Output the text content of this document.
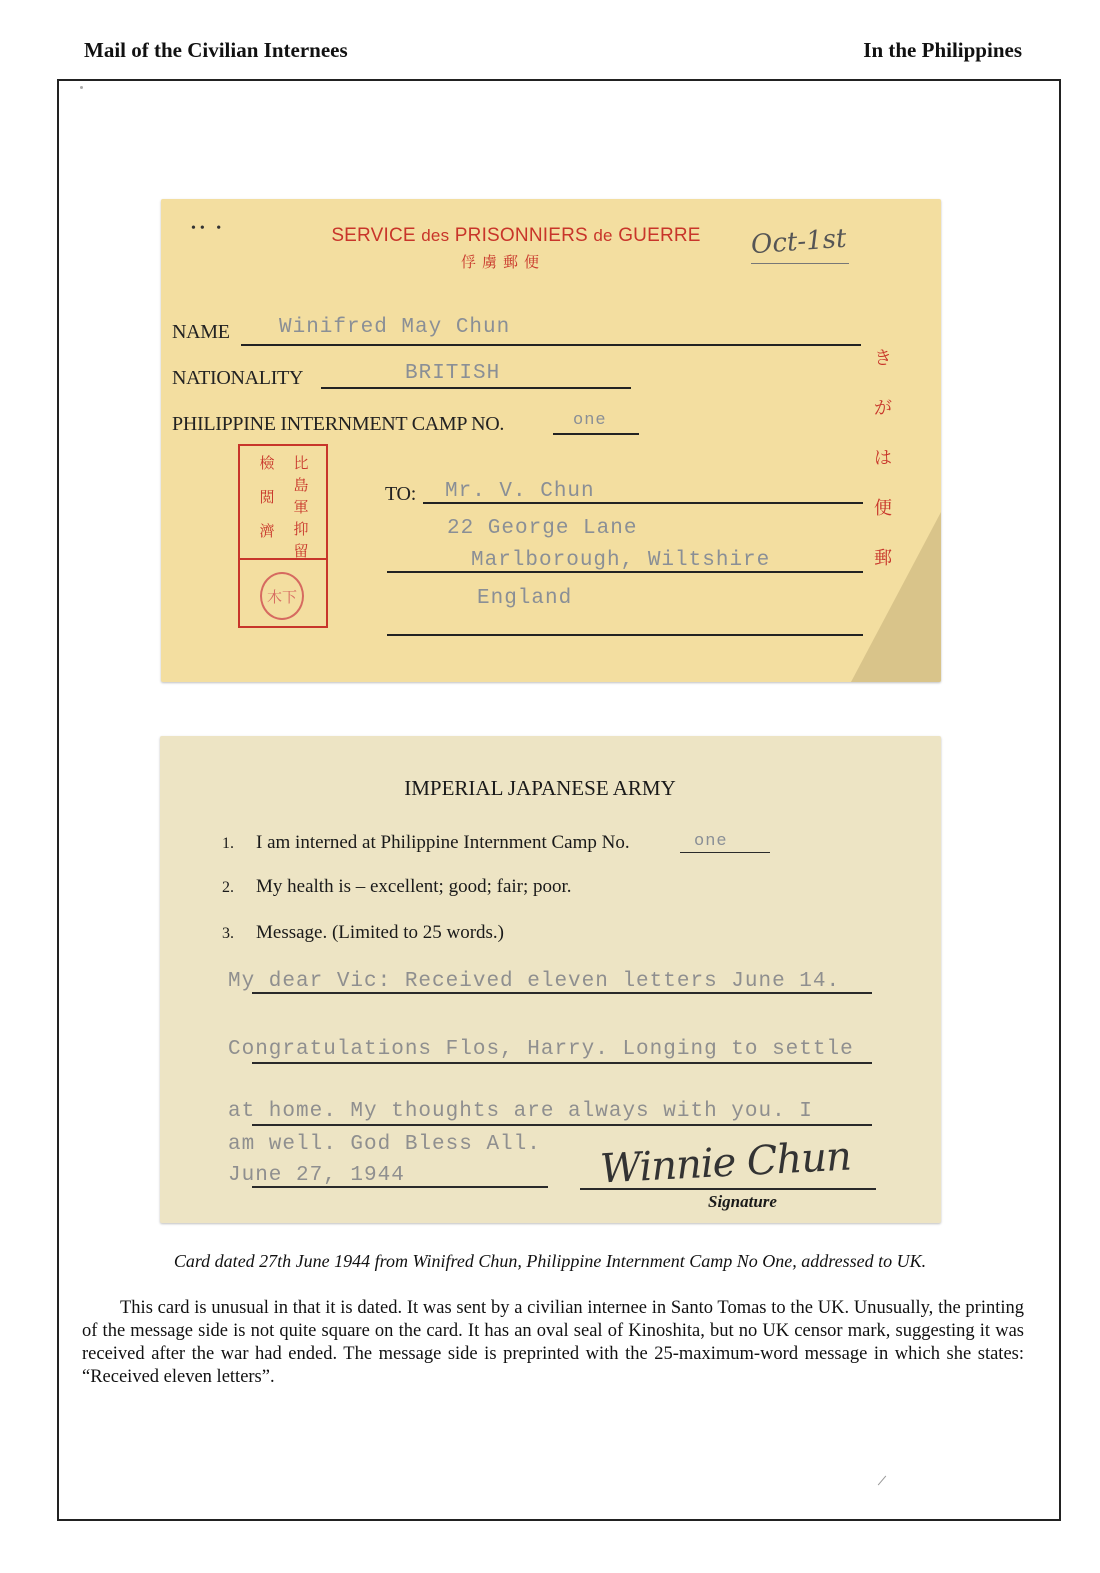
Mail of the Civilian Internees	In the Philippines
•• •	SERVICE des PRISONNIERS de GUERRE
俘虜郵便
Oct-1st
NAME Winifred May Chun
NATIONALITY	BRITISH
PHILIPPINE INTERNMENT CAMP NO.	one
比
島
軍
抑
留
檢
閲
濟
木下
TO: Mr. V. Chun
22 George Lane
Marlborough, Wiltshire
England
き
が
は
便
郵
IMPERIAL JAPANESE ARMY
1. I am interned at Philippine Internment Camp No.	one
2. My health is – excellent; good; fair; poor.
3. Message. (Limited to 25 words.)
My dear Vic: Received eleven letters June 14.
Congratulations Flos, Harry. Longing to settle
at home. My thoughts are always with you. I
am well. God Bless All.
June 27, 1944	Winnie Chun
Signature
Card dated 27th June 1944 from Winifred Chun, Philippine Internment Camp No One, addressed to UK.

This card is unusual in that it is dated. It was sent by a civilian internee in Santo Tomas to the UK. Unusually, the printing of the message side is not quite square on the card. It has an oval seal of Kinoshita, but no UK censor mark, suggesting it was received after the war had ended. The message side is preprinted with the 25-maximum-word message in which she states: “Received eleven letters”.
